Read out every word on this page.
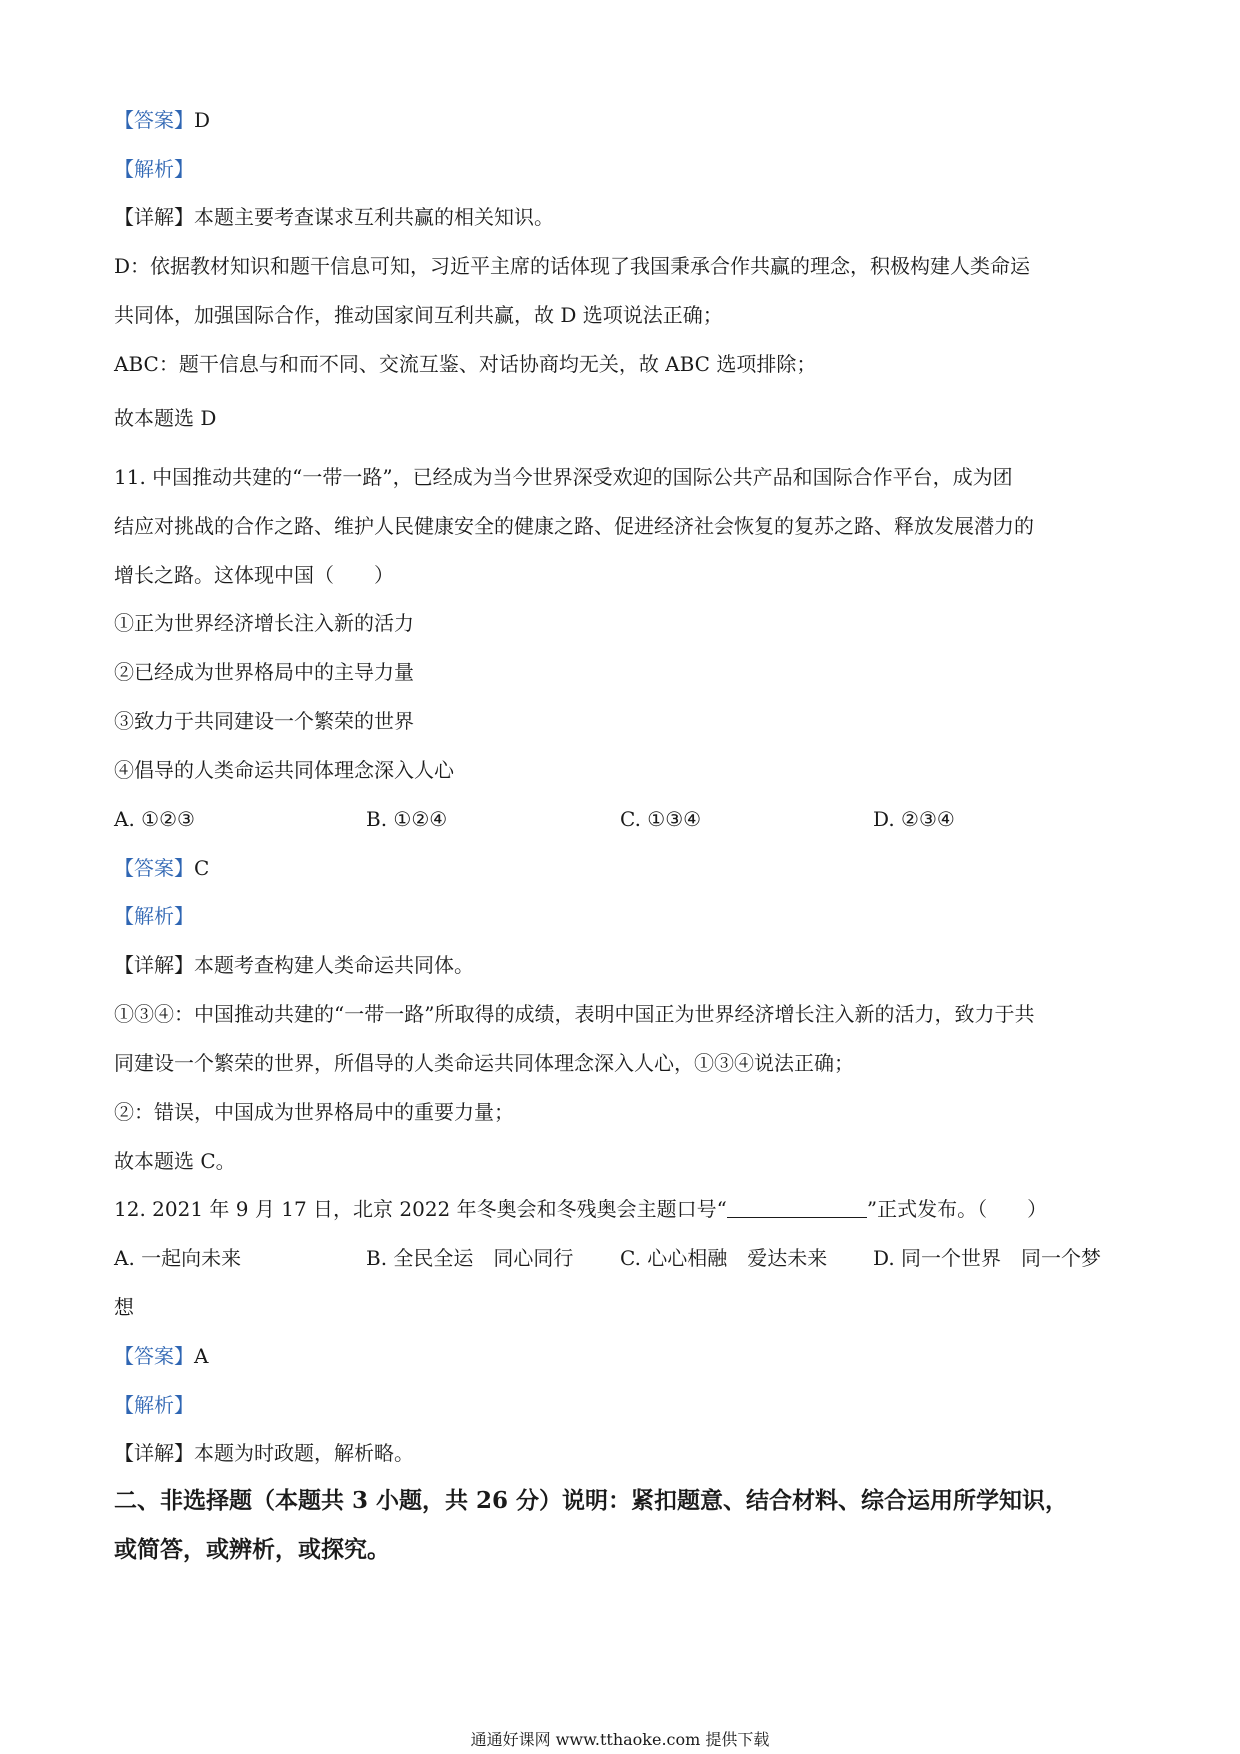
【答案】D
【解析】
【详解】本题主要考查谋求互利共赢的相关知识。
D：依据教材知识和题干信息可知，习近平主席的话体现了我国秉承合作共赢的理念，积极构建人类命运
共同体，加强国际合作，推动国家间互利共赢，故 D 选项说法正确；
ABC：题干信息与和而不同、交流互鉴、对话协商均无关，故 ABC 选项排除；
故本题选 D
11. 中国推动共建的“一带一路”，已经成为当今世界深受欢迎的国际公共产品和国际合作平台，成为团
结应对挑战的合作之路、维护人民健康安全的健康之路、促进经济社会恢复的复苏之路、释放发展潜力的
增长之路。这体现中国（　　）
①正为世界经济增长注入新的活力
②已经成为世界格局中的主导力量
③致力于共同建设一个繁荣的世界
④倡导的人类命运共同体理念深入人心
A. ①②③	B. ①②④	C. ①③④	D. ②③④
【答案】C
【解析】
【详解】本题考查构建人类命运共同体。
①③④：中国推动共建的“一带一路”所取得的成绩，表明中国正为世界经济增长注入新的活力，致力于共
同建设一个繁荣的世界，所倡导的人类命运共同体理念深入人心，①③④说法正确；
②：错误，中国成为世界格局中的重要力量；
故本题选 C。
12. 2021 年 9 月 17 日，北京 2022 年冬奥会和冬残奥会主题口号“	”正式发布。（　　）
A. 一起向未来	B. 全民全运　同心同行 C. 心心相融　爱达未来 D. 同一个世界　同一个梦
想
【答案】A
【解析】
【详解】本题为时政题，解析略。
二、非选择题（本题共 3 小题，共 26 分）说明：紧扣题意、结合材料、综合运用所学知识，
或简答，或辨析，或探究。
通通好课网 www.tthaoke.com 提供下载
